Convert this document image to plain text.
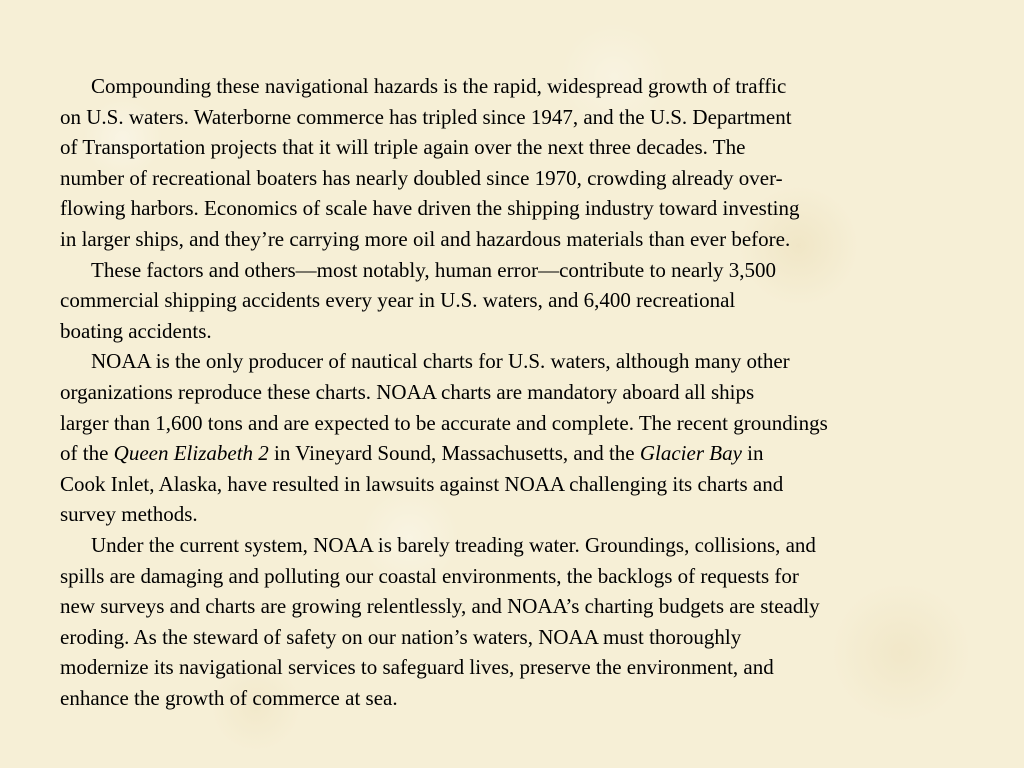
Compounding these navigational hazards is the rapid, widespread growth of traffic
on U.S. waters. Waterborne commerce has tripled since 1947, and the U.S. Department
of Transportation projects that it will triple again over the next three decades. The
number of recreational boaters has nearly doubled since 1970, crowding already over-
flowing harbors. Economics of scale have driven the shipping industry toward investing
in larger ships, and they’re carrying more oil and hazardous materials than ever before.
These factors and others—most notably, human error—contribute to nearly 3,500
commercial shipping accidents every year in U.S. waters, and 6,400 recreational
boating accidents.
NOAA is the only producer of nautical charts for U.S. waters, although many other
organizations reproduce these charts. NOAA charts are mandatory aboard all ships
larger than 1,600 tons and are expected to be accurate and complete. The recent groundings
of the Queen Elizabeth 2 in Vineyard Sound, Massachusetts, and the Glacier Bay in
Cook Inlet, Alaska, have resulted in lawsuits against NOAA challenging its charts and
survey methods.
Under the current system, NOAA is barely treading water. Groundings, collisions, and
spills are damaging and polluting our coastal environments, the backlogs of requests for
new surveys and charts are growing relentlessly, and NOAA’s charting budgets are steadly
eroding. As the steward of safety on our nation’s waters, NOAA must thoroughly
modernize its navigational services to safeguard lives, preserve the environment, and
enhance the growth of commerce at sea.
